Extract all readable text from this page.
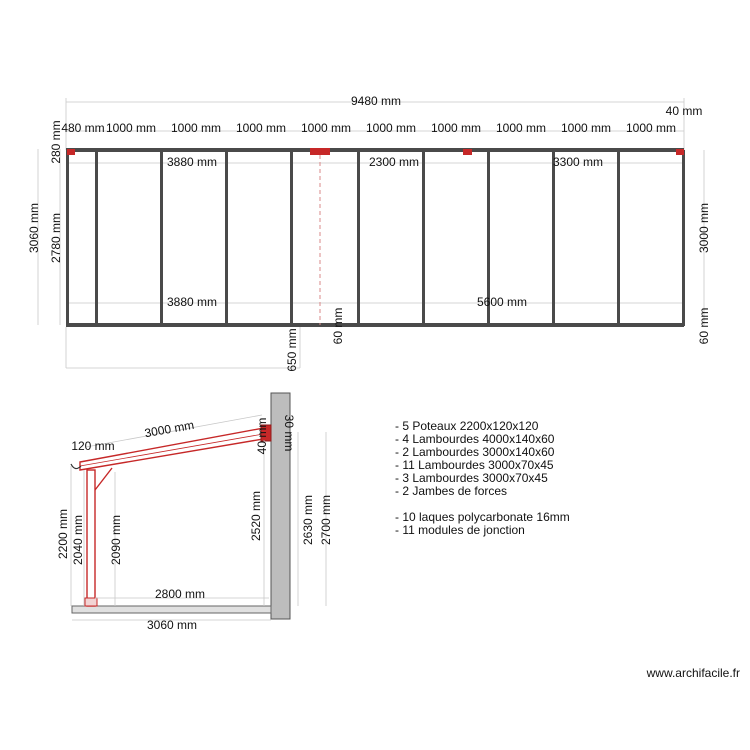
9480 mm
40 mm
480 mm 1000 mm 1000 mm 1000 mm 1000 mm 1000 mm 1000 mm 1000 mm 1000 mm 1000 mm
3060 mm 2780 mm
280 mm
3000 mm
60 mm
3880 mm	2300 mm	3300 mm
3880 mm	5600 mm
60 mm
650 mm
3000 mm
120 mm	40 mm 30 mm
2200 mm 2040 mm 2090 mm	2520 mm	2630 mm 2700 mm
2800 mm
3060 mm
- 5 Poteaux 2200x120x120
- 4 Lambourdes 4000x140x60
- 2 Lambourdes 3000x140x60
- 11 Lambourdes 3000x70x45
- 3 Lambourdes 3000x70x45
- 2 Jambes de forces
- 10 laques polycarbonate 16mm
- 11 modules de jonction
www.archifacile.fr
